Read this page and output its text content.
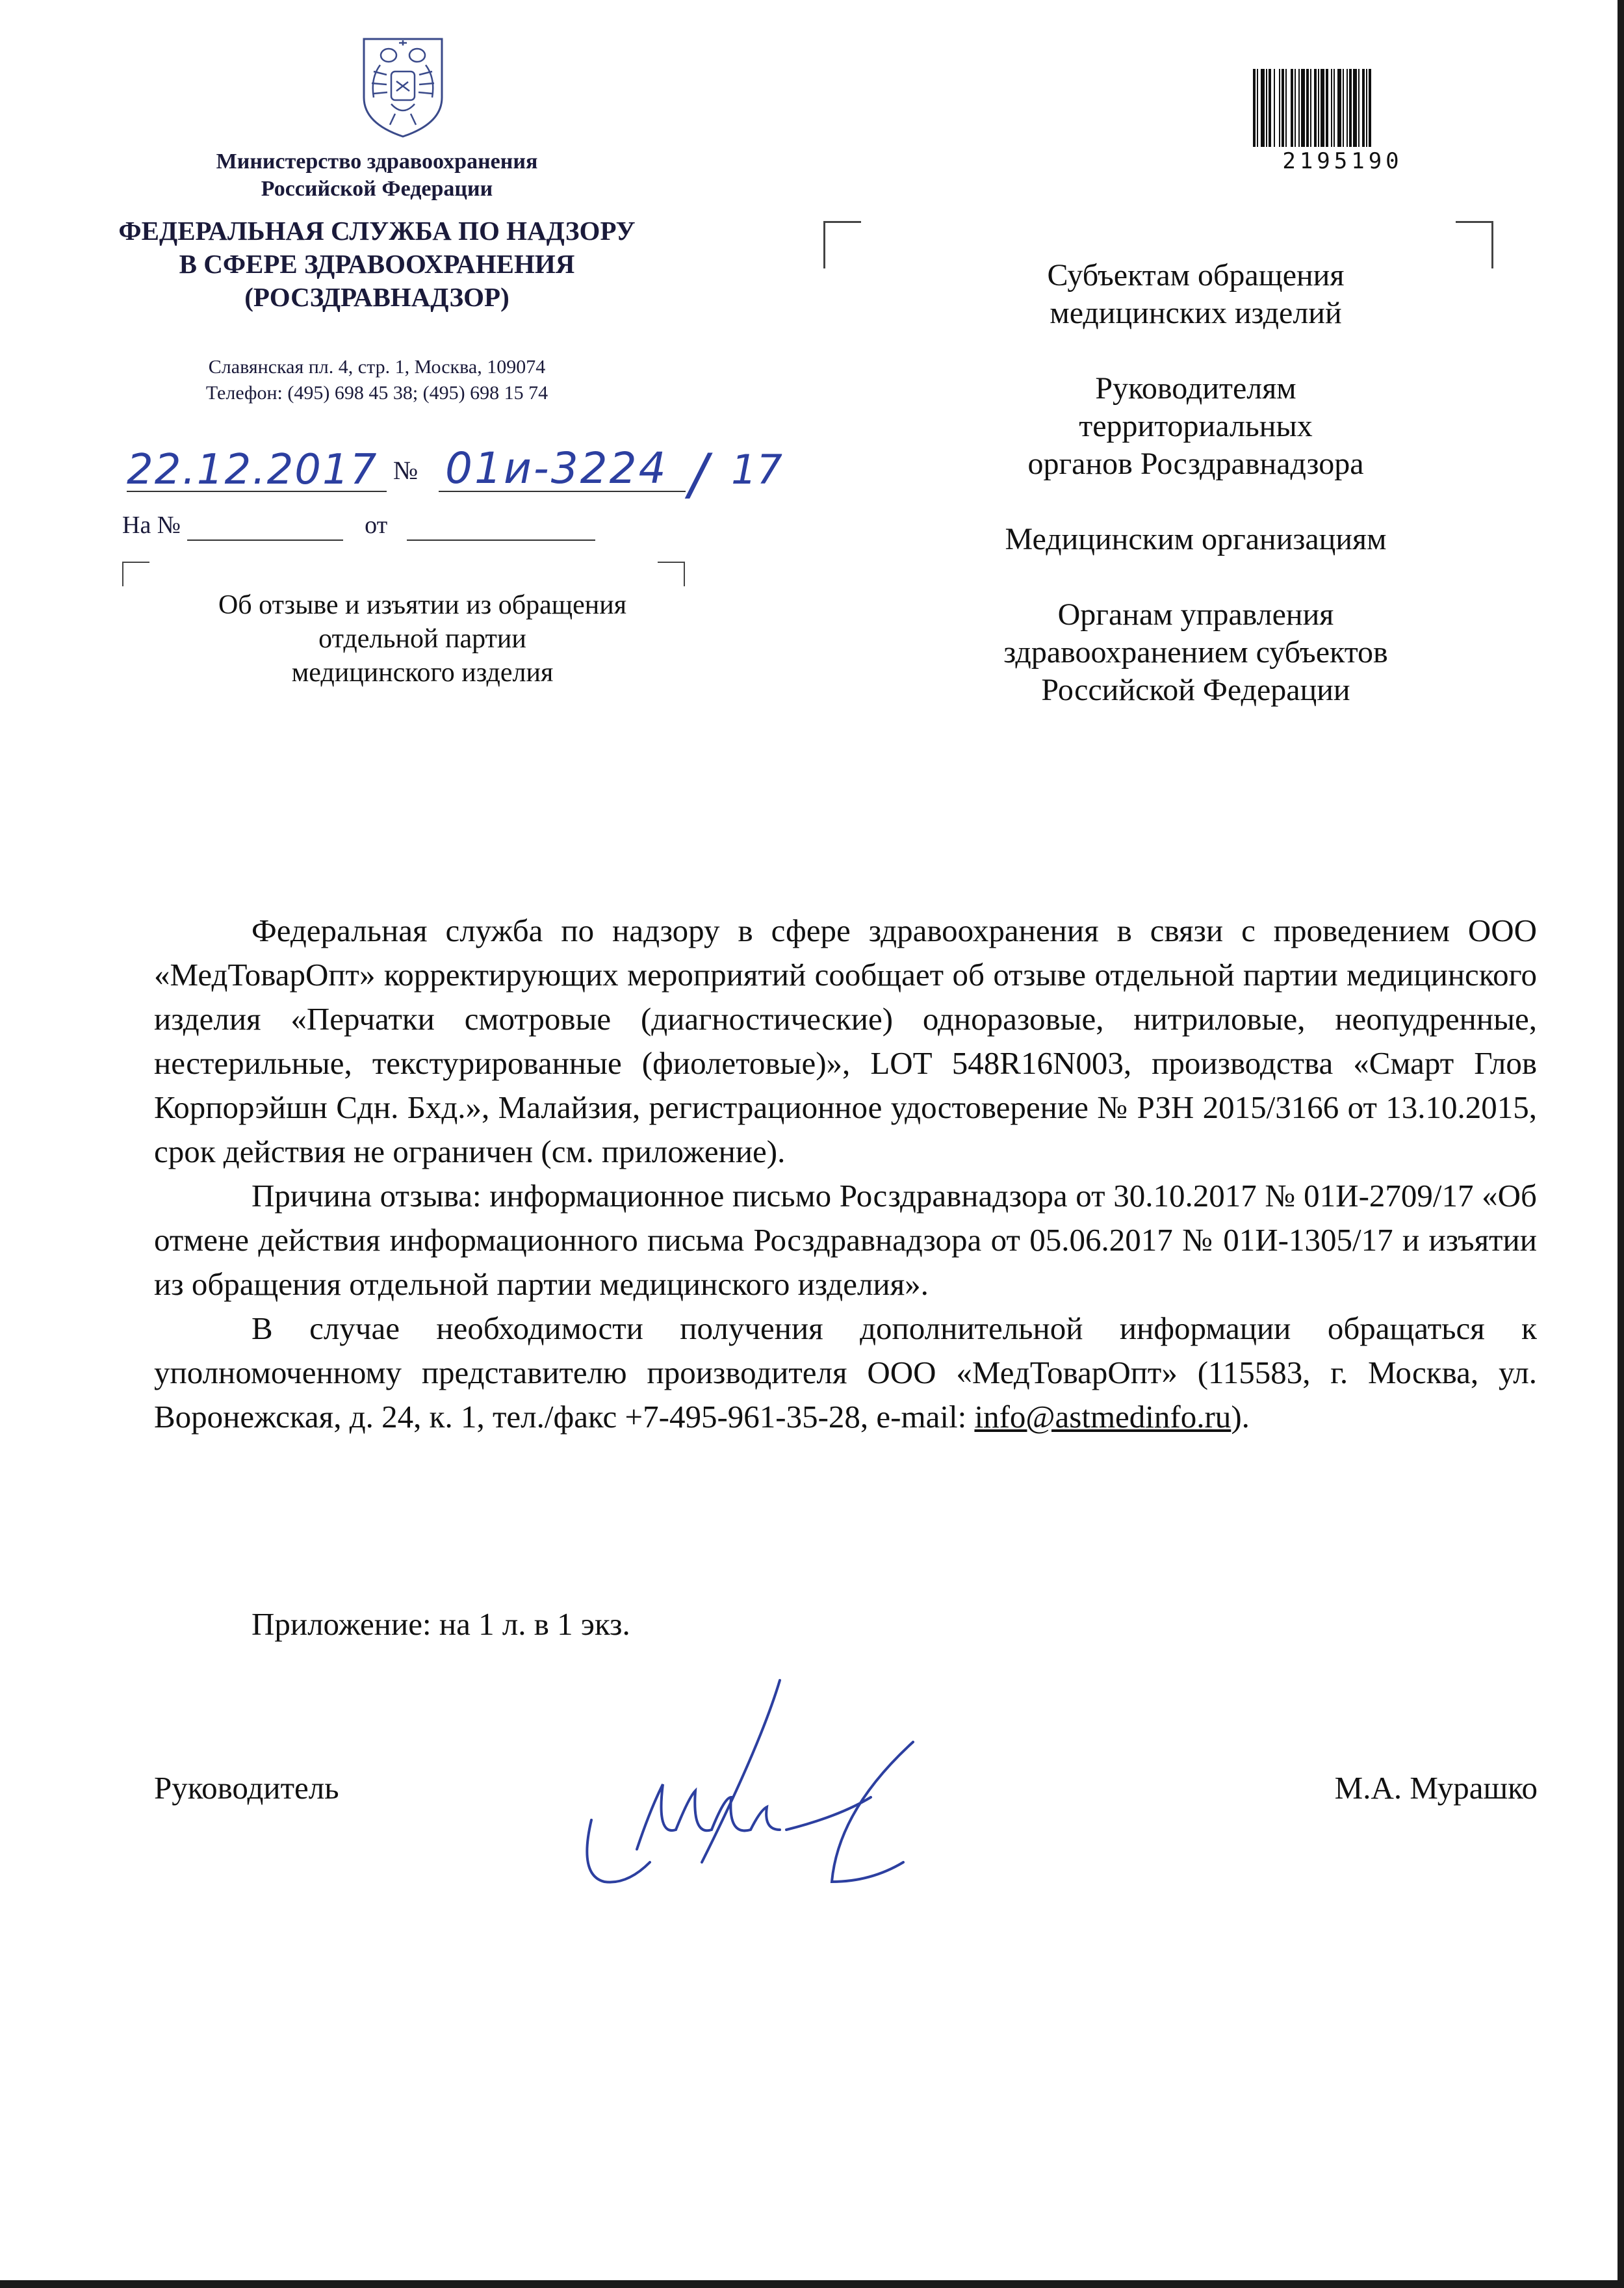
Министерство здравоохранения
Российской Федерации
ФЕДЕРАЛЬНАЯ СЛУЖБА ПО НАДЗОРУ
В СФЕРЕ ЗДРАВООХРАНЕНИЯ
(РОСЗДРАВНАДЗОР)
Славянская пл. 4, стр. 1, Москва, 109074
Телефон: (495) 698 45 38; (495) 698 15 74
22.12.2017 № 01и-3224 / 17
На №	от
Об отзыве и изъятии из обращения
отдельной партии
медицинского изделия
2195190
Субъектам обращения
медицинских изделий
Руководителям
территориальных
органов Росздравнадзора
Медицинским организациям
Органам управления
здравоохранением субъектов
Российской Федерации

Федеральная служба по надзору в сфере здравоохранения в связи с проведением ООО «МедТоварОпт» корректирующих мероприятий сообщает об отзыве отдельной партии медицинского изделия «Перчатки смотровые (диагностические) одноразовые, нитриловые, неопудренные, нестерильные, текстурированные (фиолетовые)», LOT 548R16N003, производства «Смарт Глов Корпорэйшн Сдн. Бхд.», Малайзия, регистрационное удостоверение № РЗН 2015/3166 от 13.10.2015, срок действия не ограничен (см. приложение).

Причина отзыва: информационное письмо Росздравнадзора от 30.10.2017 № 01И-2709/17 «Об отмене действия информационного письма Росздравнадзора от 05.06.2017 № 01И-1305/17 и изъятии из обращения отдельной партии медицинского изделия».

В случае необходимости получения дополнительной информации обращаться к уполномоченному представителю производителя ООО «МедТоварОпт» (115583, г. Москва, ул. Воронежская, д. 24, к. 1, тел./факс +7-495-961-35-28, e-mail: info@astmedinfo.ru).

Приложение: на 1 л. в 1 экз.
Руководитель	М.А. Мурашко
